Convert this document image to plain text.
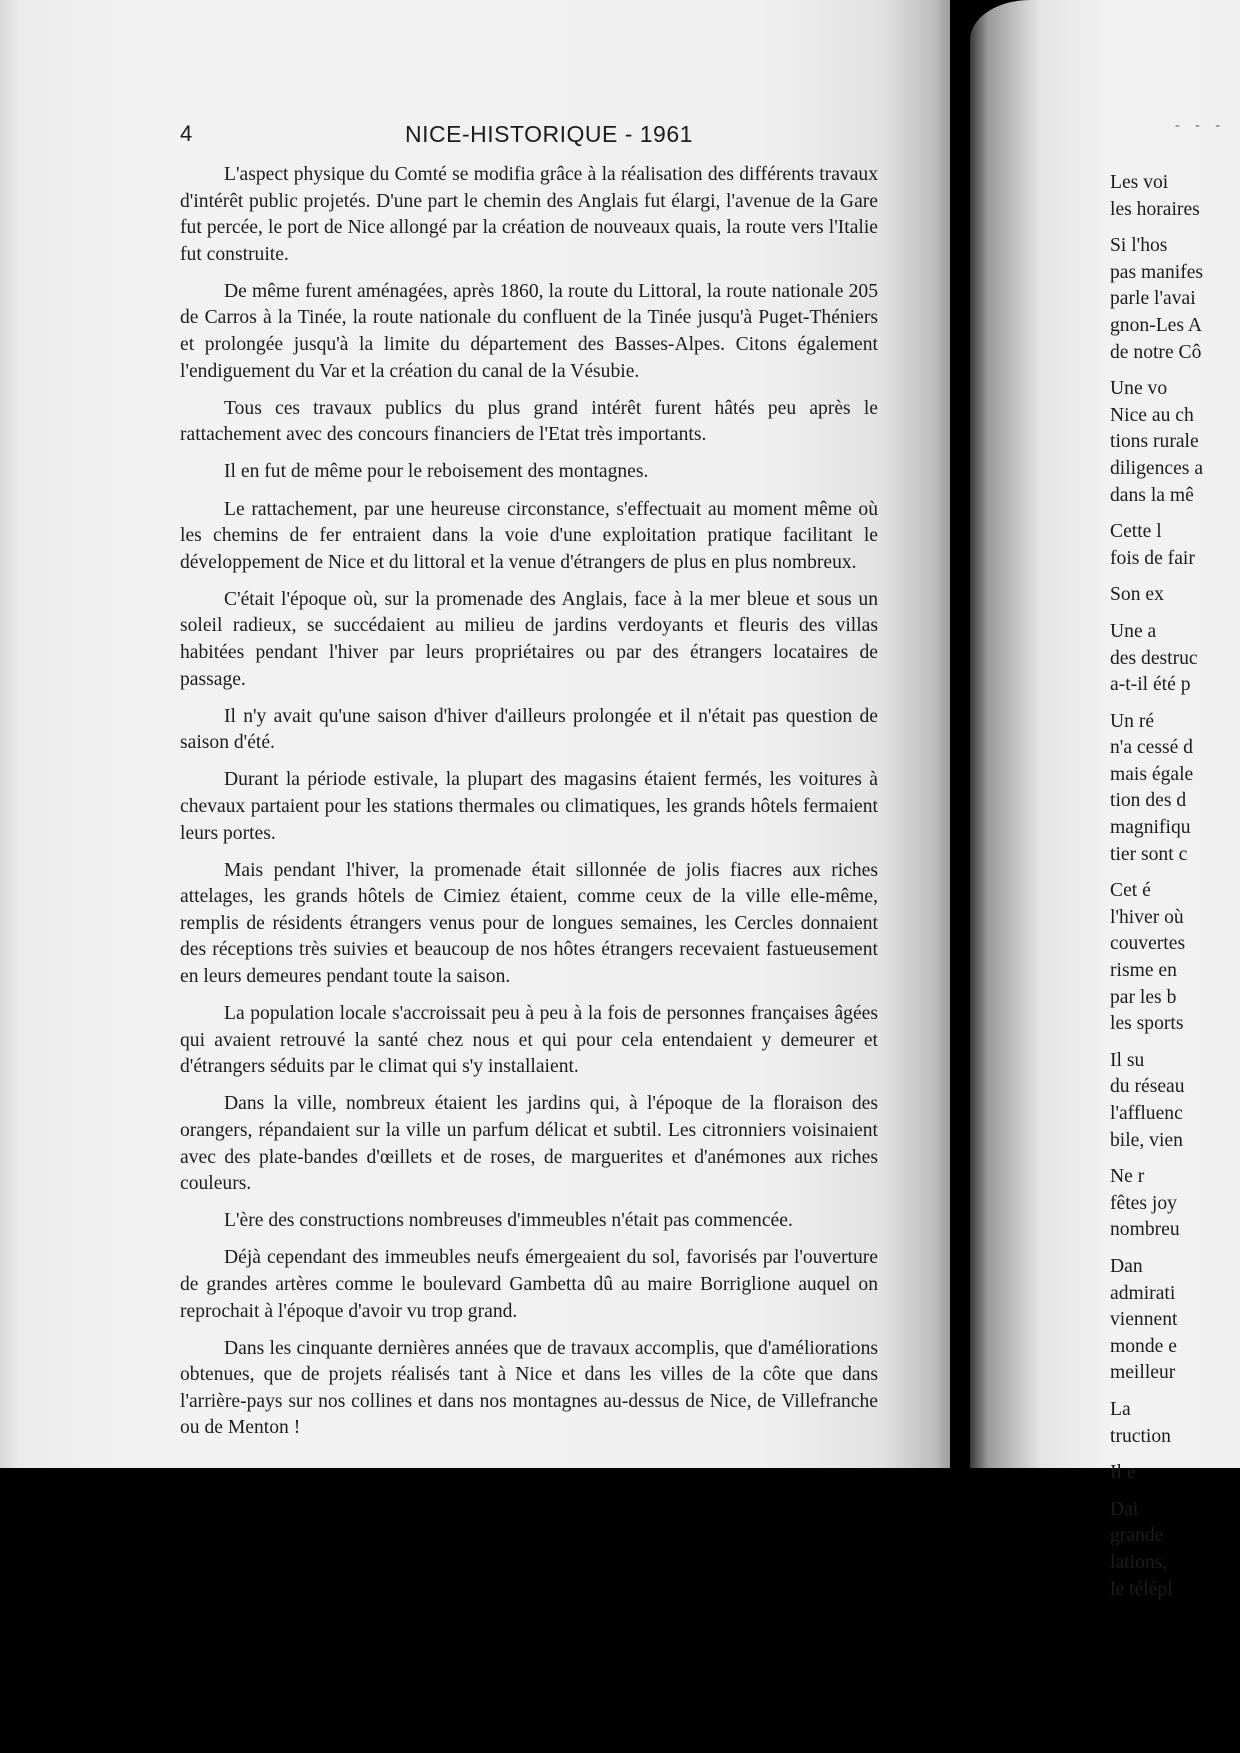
4	NICE-HISTORIQUE - 1961

L'aspect physique du Comté se modifia grâce à la réalisation des différents travaux d'intérêt public projetés. D'une part le chemin des Anglais fut élargi, l'avenue de la Gare fut percée, le port de Nice allongé par la création de nouveaux quais, la route vers l'Italie fut construite.

De même furent aménagées, après 1860, la route du Littoral, la route nationale 205 de Carros à la Tinée, la route nationale du confluent de la Tinée jusqu'à Puget-Théniers et prolongée jusqu'à la limite du département des Basses-Alpes. Citons également l'endiguement du Var et la création du canal de la Vésubie.

Tous ces travaux publics du plus grand intérêt furent hâtés peu après le rattachement avec des concours financiers de l'Etat très importants.

Il en fut de même pour le reboisement des montagnes.

Le rattachement, par une heureuse circonstance, s'effectuait au moment même où les chemins de fer entraient dans la voie d'une exploitation pratique facilitant le développement de Nice et du littoral et la venue d'étrangers de plus en plus nombreux.

C'était l'époque où, sur la promenade des Anglais, face à la mer bleue et sous un soleil radieux, se succédaient au milieu de jardins verdoyants et fleuris des villas habitées pendant l'hiver par leurs propriétaires ou par des étrangers locataires de passage.

Il n'y avait qu'une saison d'hiver d'ailleurs prolongée et il n'était pas question de saison d'été.

Durant la période estivale, la plupart des magasins étaient fermés, les voitures à chevaux partaient pour les stations thermales ou climatiques, les grands hôtels fermaient leurs portes.

Mais pendant l'hiver, la promenade était sillonnée de jolis fiacres aux riches attelages, les grands hôtels de Cimiez étaient, comme ceux de la ville elle-même, remplis de résidents étrangers venus pour de longues semaines, les Cercles donnaient des réceptions très suivies et beaucoup de nos hôtes étrangers recevaient fastueusement en leurs demeures pendant toute la saison.

La population locale s'accroissait peu à peu à la fois de personnes françaises âgées qui avaient retrouvé la santé chez nous et qui pour cela entendaient y demeurer et d'étrangers séduits par le climat qui s'y installaient.

Dans la ville, nombreux étaient les jardins qui, à l'époque de la floraison des orangers, répandaient sur la ville un parfum délicat et subtil. Les citronniers voisinaient avec des plate-bandes d'œillets et de roses, de marguerites et d'anémones aux riches couleurs.

L'ère des constructions nombreuses d'immeubles n'était pas commencée.

Déjà cependant des immeubles neufs émergeaient du sol, favorisés par l'ouverture de grandes artères comme le boulevard Gambetta dû au maire Borriglione auquel on reprochait à l'époque d'avoir vu trop grand.

Dans les cinquante dernières années que de travaux accomplis, que d'améliorations obtenues, que de projets réalisés tant à Nice et dans les villes de la côte que dans l'arrière-pays sur nos collines et dans nos montagnes au-dessus de Nice, de Villefranche ou de Menton !

- - -
Les voi
les horaires
Si l'hos
pas manifes
parle l'avai
gnon-Les A
de notre Cô
Une vo
Nice au ch
tions rurale
diligences a
dans la mê
Cette l
fois de fair
Son ex
Une a
des destruc
a-t-il été p
Un ré
n'a cessé d
mais égale
tion des d
magnifiqu
tier sont c
Cet é
l'hiver où
couvertes
risme en
par les b
les sports
Il su
du réseau
l'affluenc
bile, vien
Ne r
fêtes joy
nombreu
Dan
admirati
viennent
monde e
meilleur
La
truction
Il e
Dai
grande
lations,
le télépl
